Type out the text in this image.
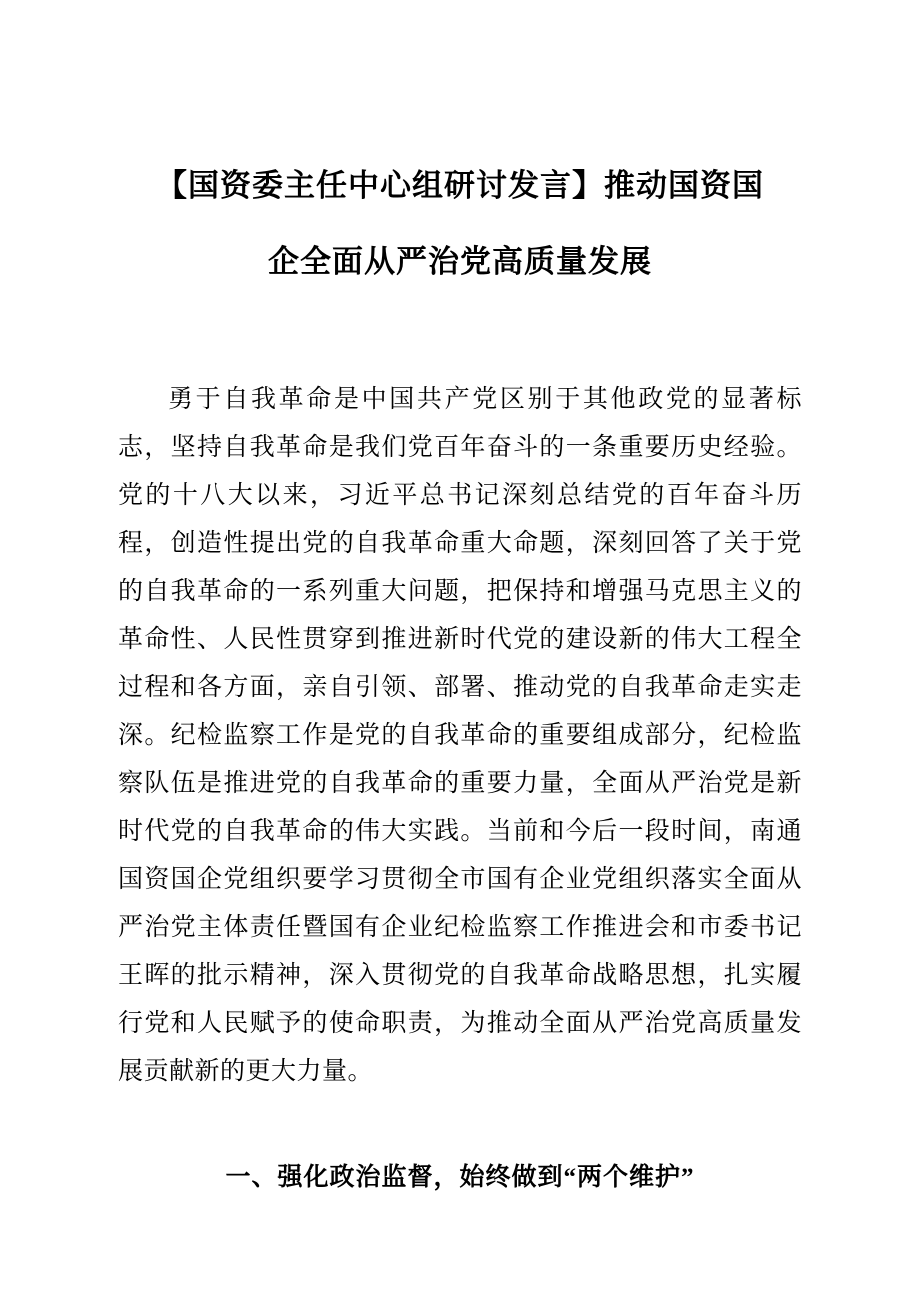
【国资委主任中心组研讨发言】推动国资国企全面从严治党高质量发展

勇于自我革命是中国共产党区别于其他政党的显著标志，坚持自我革命是我们党百年奋斗的一条重要历史经验。党的十八大以来，习近平总书记深刻总结党的百年奋斗历程，创造性提出党的自我革命重大命题，深刻回答了关于党的自我革命的一系列重大问题，把保持和增强马克思主义的革命性、人民性贯穿到推进新时代党的建设新的伟大工程全过程和各方面，亲自引领、部署、推动党的自我革命走实走深。纪检监察工作是党的自我革命的重要组成部分，纪检监察队伍是推进党的自我革命的重要力量，全面从严治党是新时代党的自我革命的伟大实践。当前和今后一段时间，南通国资国企党组织要学习贯彻全市国有企业党组织落实全面从严治党主体责任暨国有企业纪检监察工作推进会和市委书记王晖的批示精神，深入贯彻党的自我革命战略思想，扎实履行党和人民赋予的使命职责，为推动全面从严治党高质量发展贡献新的更大力量。

一、强化政治监督，始终做到“两个维护”
